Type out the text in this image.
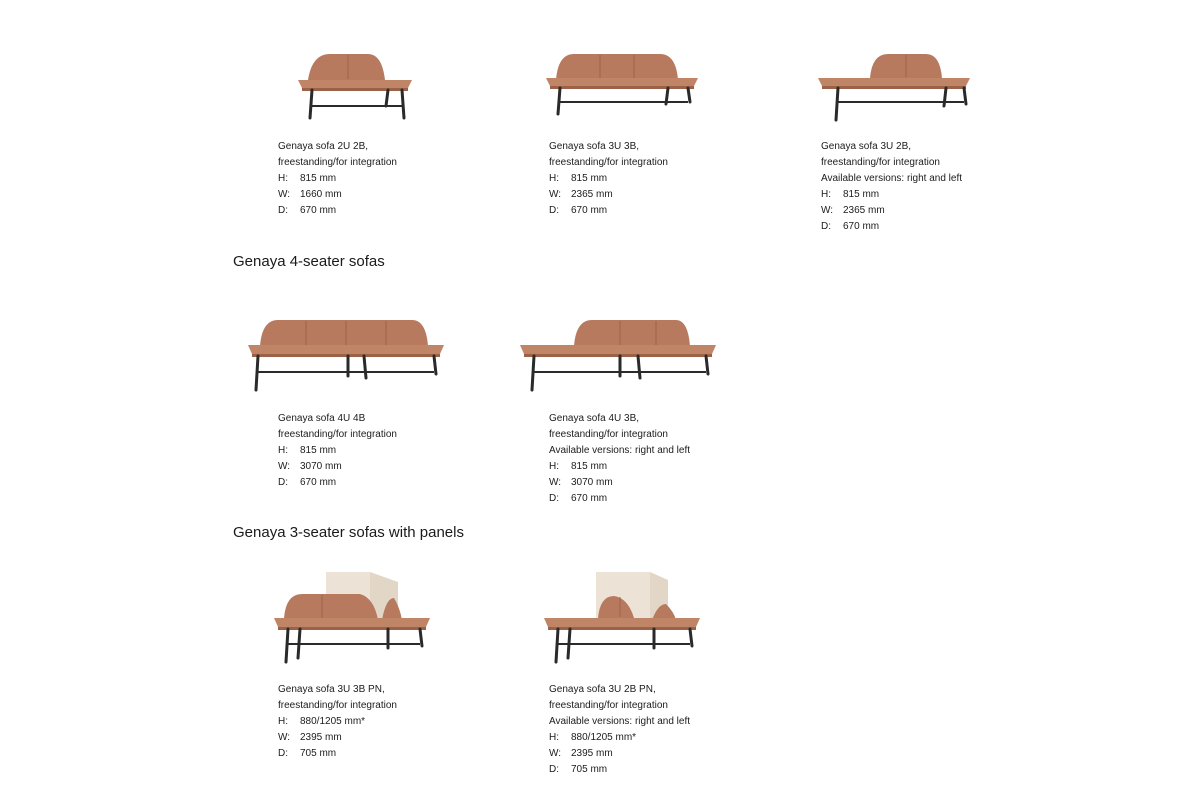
Genaya sofa 2U 2B,
freestanding/for integration
H: 815 mm
W: 1660 mm
D: 670 mm
Genaya sofa 3U 3B,
freestanding/for integration
H: 815 mm
W: 2365 mm
D: 670 mm
Genaya sofa 3U 2B,
freestanding/for integration
Available versions: right and left
H: 815 mm
W: 2365 mm
D: 670 mm
Genaya 4-seater sofas
Genaya sofa 4U 4B
freestanding/for integration
H: 815 mm
W: 3070 mm
D: 670 mm
Genaya sofa 4U 3B,
freestanding/for integration
Available versions: right and left
H: 815 mm
W: 3070 mm
D: 670 mm
Genaya 3-seater sofas with panels
Genaya sofa 3U 3B PN,
freestanding/for integration
H: 880/1205 mm*
W: 2395 mm
D: 705 mm
Genaya sofa 3U 2B PN,
freestanding/for integration
Available versions: right and left
H: 880/1205 mm*
W: 2395 mm
D: 705 mm
